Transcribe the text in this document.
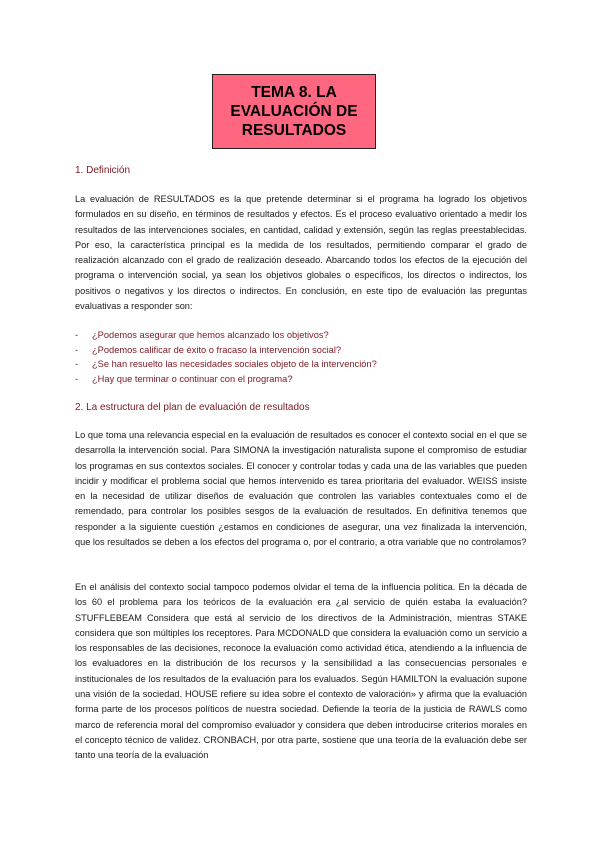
TEMA 8. LA
EVALUACIÓN DE
RESULTADOS
1. Definición

La evaluación de RESULTADOS es la que pretende determinar si el programa ha logrado los objetivos formulados en su diseño, en términos de resultados y efectos. Es el proceso evaluativo orientado a medir los resultados de las intervenciones sociales, en cantidad, calidad y extensión, según las reglas preestablecidas. Por eso, la característica principal es la medida de los resultados, permitiendo comparar el grado de realización alcanzado con el grado de realización deseado. Abarcando todos los efectos de la ejecución del programa o intervención social, ya sean los objetivos globales o específicos, los directos o indirectos, los positivos o negativos y los directos o indirectos. En conclusión, en este tipo de evaluación las preguntas evaluativas a responder son:

- ¿Podemos asegurar que hemos alcanzado los objetivos?
- ¿Podemos calificar de éxito o fracaso la intervención social?
- ¿Se han resuelto las necesidades sociales objeto de la intervención?
- ¿Hay que terminar o continuar con el programa?
2. La estructura del plan de evaluación de resultados

Lo que toma una relevancia especial en la evaluación de resultados es conocer el contexto social en el que se desarrolla la intervención social. Para SIMONA la investigación naturalista supone el compromiso de estudiar los programas en sus contextos sociales. El conocer y controlar todas y cada una de las variables que pueden incidir y modificar el problema social que hemos intervenido es tarea prioritaria del evaluador. WEISS insiste en la necesidad de utilizar diseños de evaluación que controlen las variables contextuales como el de remendado, para controlar los posibles sesgos de la evaluación de resultados. En definitiva tenemos que responder a la siguiente cuestión ¿estamos en condiciones de asegurar, una vez finalizada la intervención, que los resultados se deben a los efectos del programa o, por el contrario, a otra variable que no controlamos?

En el análisis del contexto social tampoco podemos olvidar el tema de la influencia política. En la década de los 60 el problema para los teóricos de la evaluación era ¿al servicio de quién estaba la evaluación? STUFFLEBEAM Considera que está al servicio de los directivos de la Administración, mientras STAKE considera que son múltiples los receptores. Para MCDONALD que considera la evaluación como un servicio a los responsables de las decisiones, reconoce la evaluación como actividad ética, atendiendo a la influencia de los evaluadores en la distribución de los recursos y la sensibilidad a las consecuencias personales e institucionales de los resultados de la evaluación para los evaluados. Según HAMILTON la evaluación supone una visión de la sociedad. HOUSE refiere su idea sobre el contexto de valoración» y afirma que la evaluación forma parte de los procesos políticos de nuestra sociedad. Defiende la teoría de la justicia de RAWLS como marco de referencia moral del compromiso evaluador y considera que deben introducirse criterios morales en el concepto técnico de validez. CRONBACH, por otra parte, sostiene que una teoría de la evaluación debe ser tanto una teoría de la evaluación
